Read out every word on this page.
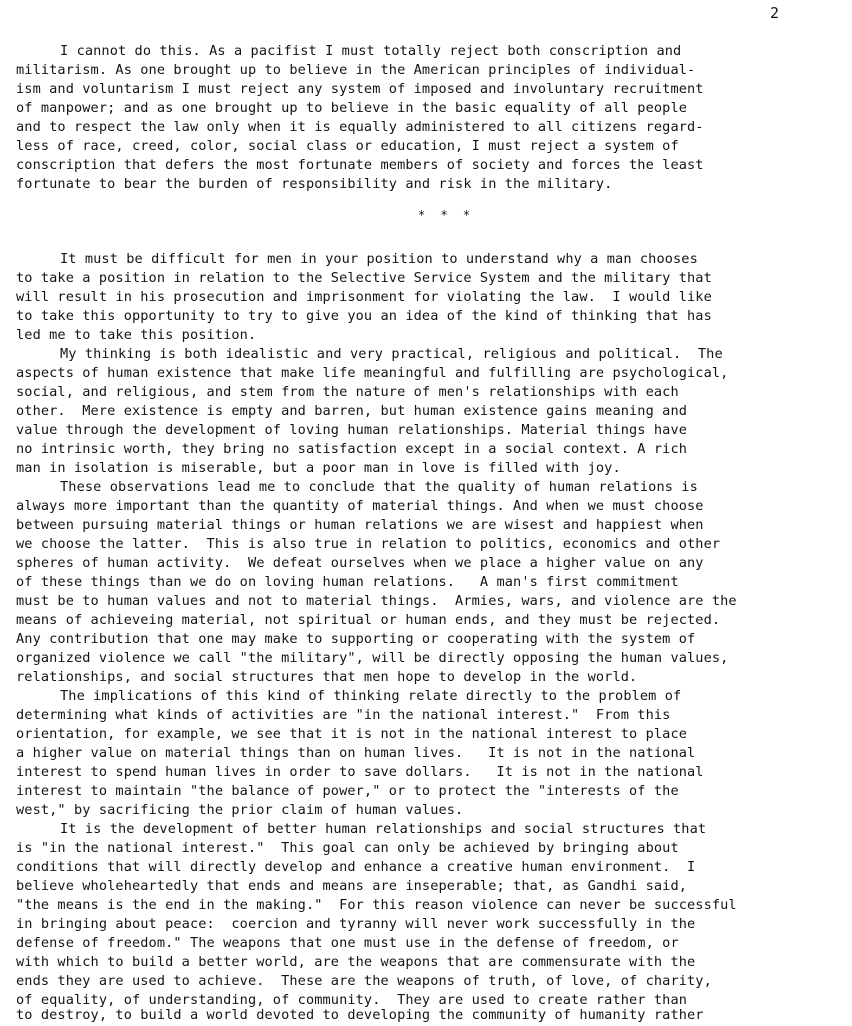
2
I cannot do this. As a pacifist I must totally reject both conscription and
militarism. As one brought up to believe in the American principles of individual-
ism and voluntarism I must reject any system of imposed and involuntary recruitment
of manpower; and as one brought up to believe in the basic equality of all people
and to respect the law only when it is equally administered to all citizens regard-
less of race, creed, color, social class or education, I must reject a system of
conscription that defers the most fortunate members of society and forces the least
fortunate to bear the burden of responsibility and risk in the military.
* * *
It must be difficult for men in your position to understand why a man chooses
to take a position in relation to the Selective Service System and the military that
will result in his prosecution and imprisonment for violating the law.  I would like
to take this opportunity to try to give you an idea of the kind of thinking that has
led me to take this position.
My thinking is both idealistic and very practical, religious and political.  The
aspects of human existence that make life meaningful and fulfilling are psychological,
social, and religious, and stem from the nature of men's relationships with each
other.  Mere existence is empty and barren, but human existence gains meaning and
value through the development of loving human relationships. Material things have
no intrinsic worth, they bring no satisfaction except in a social context. A rich
man in isolation is miserable, but a poor man in love is filled with joy.
These observations lead me to conclude that the quality of human relations is
always more important than the quantity of material things. And when we must choose
between pursuing material things or human relations we are wisest and happiest when
we choose the latter.  This is also true in relation to politics, economics and other
spheres of human activity.  We defeat ourselves when we place a higher value on any
of these things than we do on loving human relations.   A man's first commitment
must be to human values and not to material things.  Armies, wars, and violence are the
means of achieveing material, not spiritual or human ends, and they must be rejected.
Any contribution that one may make to supporting or cooperating with the system of
organized violence we call "the military", will be directly opposing the human values,
relationships, and social structures that men hope to develop in the world.
The implications of this kind of thinking relate directly to the problem of
determining what kinds of activities are "in the national interest."  From this
orientation, for example, we see that it is not in the national interest to place
a higher value on material things than on human lives.   It is not in the national
interest to spend human lives in order to save dollars.   It is not in the national
interest to maintain "the balance of power," or to protect the "interests of the
west," by sacrificing the prior claim of human values.
It is the development of better human relationships and social structures that
is "in the national interest."  This goal can only be achieved by bringing about
conditions that will directly develop and enhance a creative human environment.  I
believe wholeheartedly that ends and means are inseperable; that, as Gandhi said,
"the means is the end in the making."  For this reason violence can never be successful
in bringing about peace:  coercion and tyranny will never work successfully in the
defense of freedom." The weapons that one must use in the defense of freedom, or
with which to build a better world, are the weapons that are commensurate with the
ends they are used to achieve.  These are the weapons of truth, of love, of charity,
of equality, of understanding, of community.  They are used to create rather than
to destroy, to build a world devoted to developing the community of humanity rather
